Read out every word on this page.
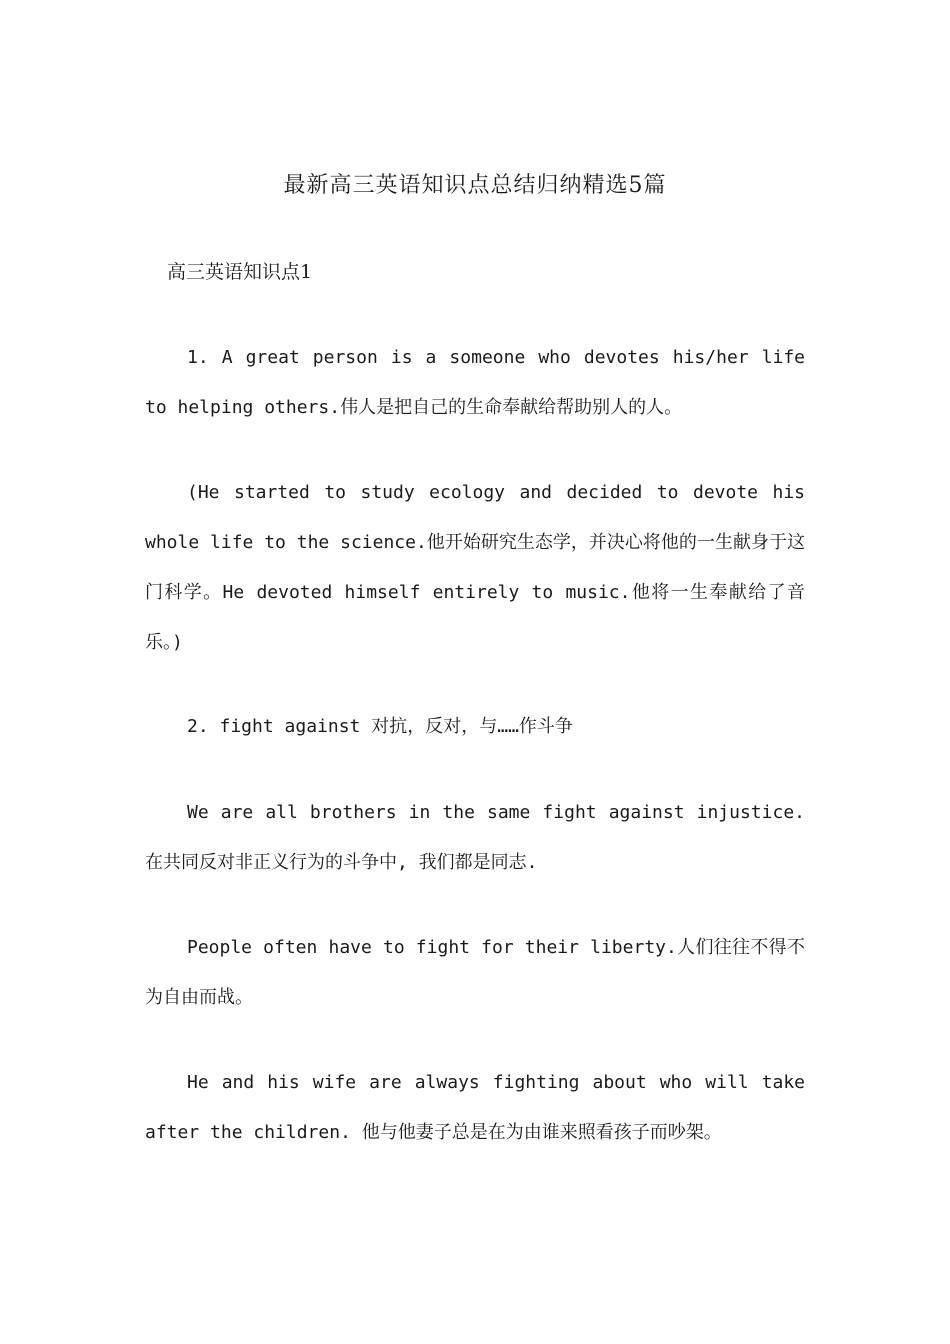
最新高三英语知识点总结归纳精选5篇
高三英语知识点1

1. A great person is a someone who devotes his/her life to helping others.伟人是把自己的生命奉献给帮助别人的人。

(He started to study ecology and decided to devote his whole life to the science.他开始研究生态学，并决心将他的一生献身于这门科学。He devoted himself entirely to music.他将一生奉献给了音乐。)

2. fight against 对抗，反对，与……作斗争

We are all brothers in the same fight against injustice.在共同反对非正义行为的斗争中, 我们都是同志.

People often have to fight for their liberty.人们往往不得不为自由而战。

He and his wife are always fighting about who will take after the children. 他与他妻子总是在为由谁来照看孩子而吵架。
